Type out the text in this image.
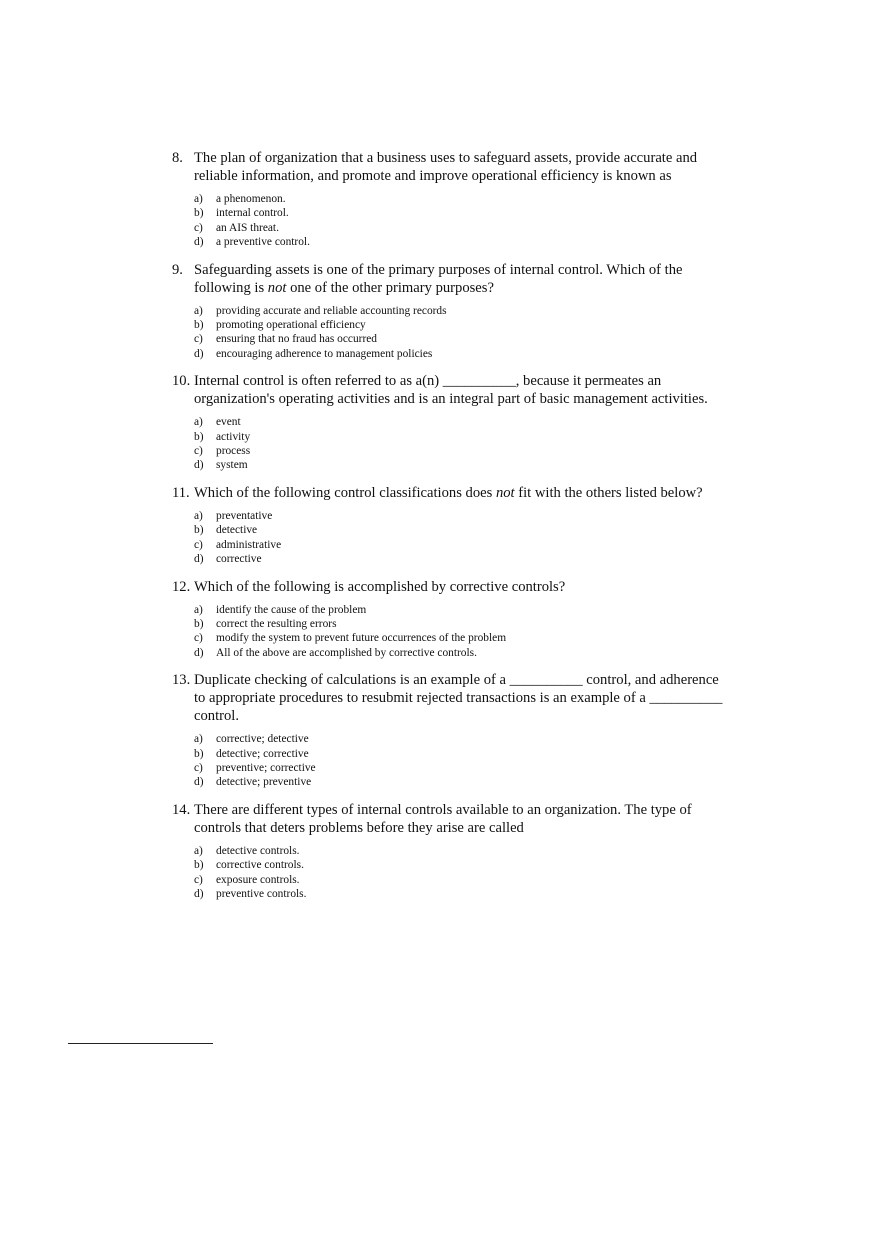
8. The plan of organization that a business uses to safeguard assets, provide accurate and reliable information, and promote and improve operational efficiency is known as
a)	a phenomenon.
b)	internal control.
c)	an AIS threat.
d)	a preventive control.
9. Safeguarding assets is one of the primary purposes of internal control. Which of the following is not one of the other primary purposes?
a)	providing accurate and reliable accounting records
b)	promoting operational efficiency
c)	ensuring that no fraud has occurred
d)	encouraging adherence to management policies
10. Internal control is often referred to as a(n) __________, because it permeates an organization's operating activities and is an integral part of basic management activities.
a)	event
b)	activity
c)	process
d)	system
11. Which of the following control classifications does not fit with the others listed below?
a)	preventative
b)	detective
c)	administrative
d)	corrective
12. Which of the following is accomplished by corrective controls?
a)	identify the cause of the problem
b)	correct the resulting errors
c)	modify the system to prevent future occurrences of the problem
d)	All of the above are accomplished by corrective controls.
13. Duplicate checking of calculations is an example of a __________ control, and adherence to appropriate procedures to resubmit rejected transactions is an example of a __________ control.
a)	corrective; detective
b)	detective; corrective
c)	preventive; corrective
d)	detective; preventive
14. There are different types of internal controls available to an organization. The type of controls that deters problems before they arise are called
a)	detective controls.
b)	corrective controls.
c)	exposure controls.
d)	preventive controls.
